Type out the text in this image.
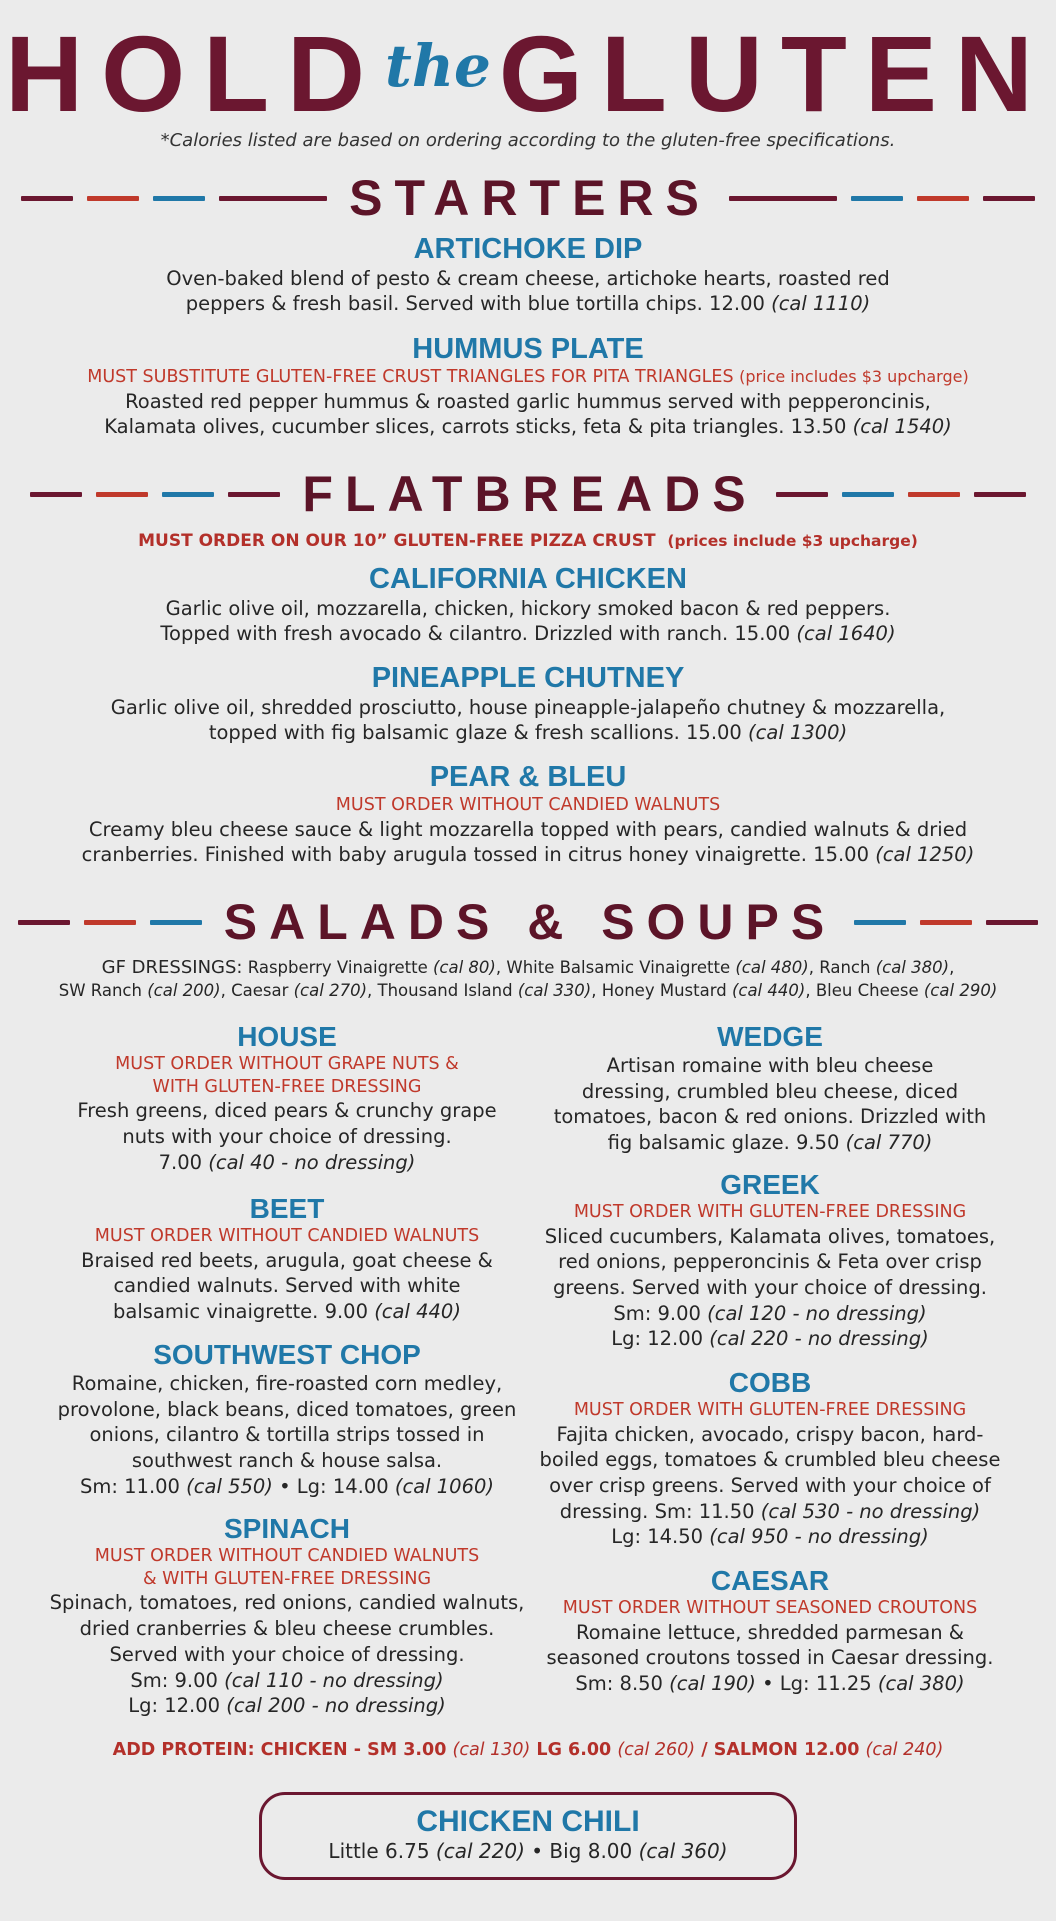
HOLD the GLUTEN
*Calories listed are based on ordering according to the gluten-free specifications.
STARTERS
ARTICHOKE DIP
Oven-baked blend of pesto & cream cheese, artichoke hearts, roasted red
peppers & fresh basil. Served with blue tortilla chips. 12.00 (cal 1110)
HUMMUS PLATE
MUST SUBSTITUTE GLUTEN-FREE CRUST TRIANGLES FOR PITA TRIANGLES (price includes $3 upcharge)
Roasted red pepper hummus & roasted garlic hummus served with pepperoncinis,
Kalamata olives, cucumber slices, carrots sticks, feta & pita triangles. 13.50 (cal 1540)
FLATBREADS
MUST ORDER ON OUR 10” GLUTEN-FREE PIZZA CRUST (prices include $3 upcharge)
CALIFORNIA CHICKEN
Garlic olive oil, mozzarella, chicken, hickory smoked bacon & red peppers.
Topped with fresh avocado & cilantro. Drizzled with ranch. 15.00 (cal 1640)
PINEAPPLE CHUTNEY
Garlic olive oil, shredded prosciutto, house pineapple-jalapeño chutney & mozzarella,
topped with fig balsamic glaze & fresh scallions. 15.00 (cal 1300)
PEAR & BLEU
MUST ORDER WITHOUT CANDIED WALNUTS
Creamy bleu cheese sauce & light mozzarella topped with pears, candied walnuts & dried
cranberries. Finished with baby arugula tossed in citrus honey vinaigrette. 15.00 (cal 1250)
SALADS & SOUPS
GF DRESSINGS: Raspberry Vinaigrette (cal 80), White Balsamic Vinaigrette (cal 480), Ranch (cal 380),
SW Ranch (cal 200), Caesar (cal 270), Thousand Island (cal 330), Honey Mustard (cal 440), Bleu Cheese (cal 290)
HOUSE
MUST ORDER WITHOUT GRAPE NUTS &
WITH GLUTEN-FREE DRESSING
Fresh greens, diced pears & crunchy grape
nuts with your choice of dressing.
7.00 (cal 40 - no dressing)
BEET
MUST ORDER WITHOUT CANDIED WALNUTS
Braised red beets, arugula, goat cheese &
candied walnuts. Served with white
balsamic vinaigrette. 9.00 (cal 440)
SOUTHWEST CHOP
Romaine, chicken, fire-roasted corn medley,
provolone, black beans, diced tomatoes, green
onions, cilantro & tortilla strips tossed in
southwest ranch & house salsa.
Sm: 11.00 (cal 550) • Lg: 14.00 (cal 1060)
SPINACH
MUST ORDER WITHOUT CANDIED WALNUTS
& WITH GLUTEN-FREE DRESSING
Spinach, tomatoes, red onions, candied walnuts,
dried cranberries & bleu cheese crumbles.
Served with your choice of dressing.
Sm: 9.00 (cal 110 - no dressing)
Lg: 12.00 (cal 200 - no dressing)
WEDGE
Artisan romaine with bleu cheese
dressing, crumbled bleu cheese, diced
tomatoes, bacon & red onions. Drizzled with
fig balsamic glaze. 9.50 (cal 770)
GREEK
MUST ORDER WITH GLUTEN-FREE DRESSING
Sliced cucumbers, Kalamata olives, tomatoes,
red onions, pepperoncinis & Feta over crisp
greens. Served with your choice of dressing.
Sm: 9.00 (cal 120 - no dressing)
Lg: 12.00 (cal 220 - no dressing)
COBB
MUST ORDER WITH GLUTEN-FREE DRESSING
Fajita chicken, avocado, crispy bacon, hard-
boiled eggs, tomatoes & crumbled bleu cheese
over crisp greens. Served with your choice of
dressing. Sm: 11.50 (cal 530 - no dressing)
Lg: 14.50 (cal 950 - no dressing)
CAESAR
MUST ORDER WITHOUT SEASONED CROUTONS
Romaine lettuce, shredded parmesan &
seasoned croutons tossed in Caesar dressing.
Sm: 8.50 (cal 190) • Lg: 11.25 (cal 380)
ADD PROTEIN: CHICKEN - SM 3.00 (cal 130) LG 6.00 (cal 260) / SALMON 12.00 (cal 240)
CHICKEN CHILI
Little 6.75 (cal 220) • Big 8.00 (cal 360)
